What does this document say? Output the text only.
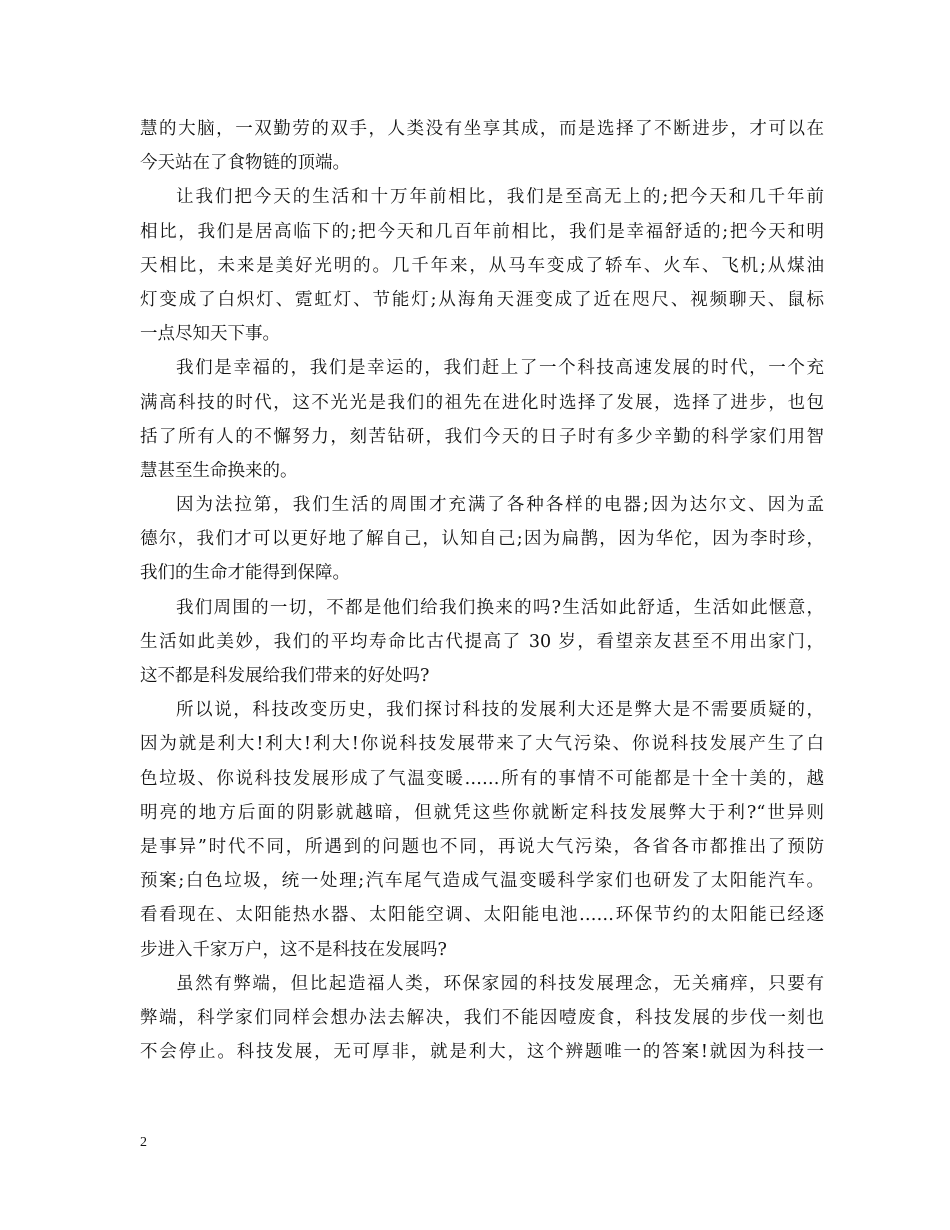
慧的大脑，一双勤劳的双手，人类没有坐享其成，而是选择了不断进步，才可以在
今天站在了食物链的顶端。
让我们把今天的生活和十万年前相比，我们是至高无上的;把今天和几千年前
相比，我们是居高临下的;把今天和几百年前相比，我们是幸福舒适的;把今天和明
天相比，未来是美好光明的。几千年来，从马车变成了轿车、火车、飞机;从煤油
灯变成了白炽灯、霓虹灯、节能灯;从海角天涯变成了近在咫尺、视频聊天、鼠标
一点尽知天下事。
我们是幸福的，我们是幸运的，我们赶上了一个科技高速发展的时代，一个充
满高科技的时代，这不光光是我们的祖先在进化时选择了发展，选择了进步，也包
括了所有人的不懈努力，刻苦钻研，我们今天的日子时有多少辛勤的科学家们用智
慧甚至生命换来的。
因为法拉第，我们生活的周围才充满了各种各样的电器;因为达尔文、因为孟
德尔，我们才可以更好地了解自己，认知自己;因为扁鹊，因为华佗，因为李时珍，
我们的生命才能得到保障。
我们周围的一切，不都是他们给我们换来的吗?生活如此舒适，生活如此惬意，
生活如此美妙，我们的平均寿命比古代提高了 30 岁，看望亲友甚至不用出家门，
这不都是科发展给我们带来的好处吗?
所以说，科技改变历史，我们探讨科技的发展利大还是弊大是不需要质疑的，
因为就是利大!利大!利大!你说科技发展带来了大气污染、你说科技发展产生了白
色垃圾、你说科技发展形成了气温变暖……所有的事情不可能都是十全十美的，越
明亮的地方后面的阴影就越暗，但就凭这些你就断定科技发展弊大于利?“世异则
是事异”时代不同，所遇到的问题也不同，再说大气污染，各省各市都推出了预防
预案;白色垃圾，统一处理;汽车尾气造成气温变暖科学家们也研发了太阳能汽车。
看看现在、太阳能热水器、太阳能空调、太阳能电池……环保节约的太阳能已经逐
步进入千家万户，这不是科技在发展吗?
虽然有弊端，但比起造福人类，环保家园的科技发展理念，无关痛痒，只要有
弊端，科学家们同样会想办法去解决，我们不能因噎废食，科技发展的步伐一刻也
不会停止。科技发展，无可厚非，就是利大，这个辨题唯一的答案!就因为科技一
2
